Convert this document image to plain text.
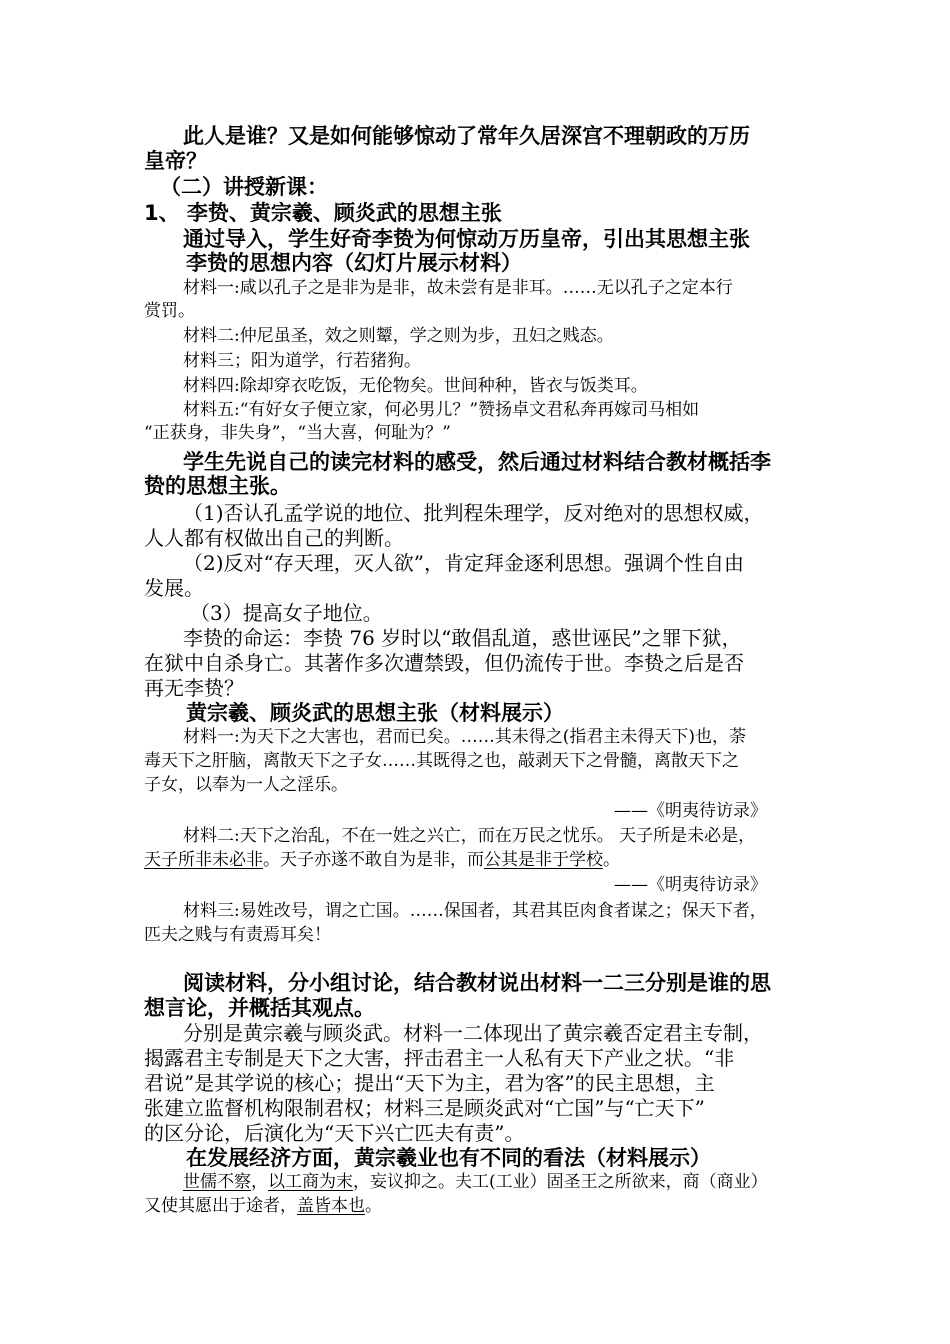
此人是谁？又是如何能够惊动了常年久居深宫不理朝政的万历
皇帝？
（二）讲授新课：
1、 李贽、黄宗羲、顾炎武的思想主张
通过导入，学生好奇李贽为何惊动万历皇帝，引出其思想主张
李贽的思想内容（幻灯片展示材料）
材料一:咸以孔子之是非为是非，故未尝有是非耳。……无以孔子之定本行
赏罚。
材料二:仲尼虽圣，效之则颦，学之则为步，丑妇之贱态。
材料三；阳为道学，行若猪狗。
材料四:除却穿衣吃饭，无伦物矣。世间种种，皆衣与饭类耳。
材料五:“有好女子便立家，何必男儿？”赞扬卓文君私奔再嫁司马相如
“正获身，非失身”，“当大喜，何耻为？”
学生先说自己的读完材料的感受，然后通过材料结合教材概括李
贽的思想主张。
（1)否认孔孟学说的地位、批判程朱理学，反对绝对的思想权威，
人人都有权做出自己的判断。
（2)反对“存天理，灭人欲”，肯定拜金逐利思想。强调个性自由
发展。
（3）提高女子地位。
李贽的命运：李贽 76 岁时以“敢倡乱道，惑世诬民”之罪下狱，
在狱中自杀身亡。其著作多次遭禁毁，但仍流传于世。李贽之后是否
再无李贽？
黄宗羲、顾炎武的思想主张（材料展示）
材料一:为天下之大害也，君而已矣。……其未得之(指君主未得天下)也，荼
毒天下之肝脑，离散天下之子女……其既得之也，敲剥天下之骨髓，离散天下之
子女，以奉为一人之淫乐。
——《明夷待访录》
材料二:天下之治乱，不在一姓之兴亡，而在万民之忧乐。 天子所是未必是，
天子所非未必非。天子亦遂不敢自为是非，而公其是非于学校。
——《明夷待访录》
材料三:易姓改号，谓之亡国。……保国者，其君其臣肉食者谋之；保天下者，
匹夫之贱与有责焉耳矣！
阅读材料，分小组讨论，结合教材说出材料一二三分别是谁的思
想言论，并概括其观点。
分别是黄宗羲与顾炎武。材料一二体现出了黄宗羲否定君主专制，
揭露君主专制是天下之大害，抨击君主一人私有天下产业之状。“非
君说”是其学说的核心；提出“天下为主，君为客”的民主思想，主
张建立监督机构限制君权；材料三是顾炎武对“亡国”与“亡天下”
的区分论，后演化为“天下兴亡匹夫有责”。
在发展经济方面，黄宗羲业也有不同的看法（材料展示）
世儒不察，以工商为末，妄议抑之。夫工(工业）固圣王之所欲来，商（商业）
又使其愿出于途者，盖皆本也。
